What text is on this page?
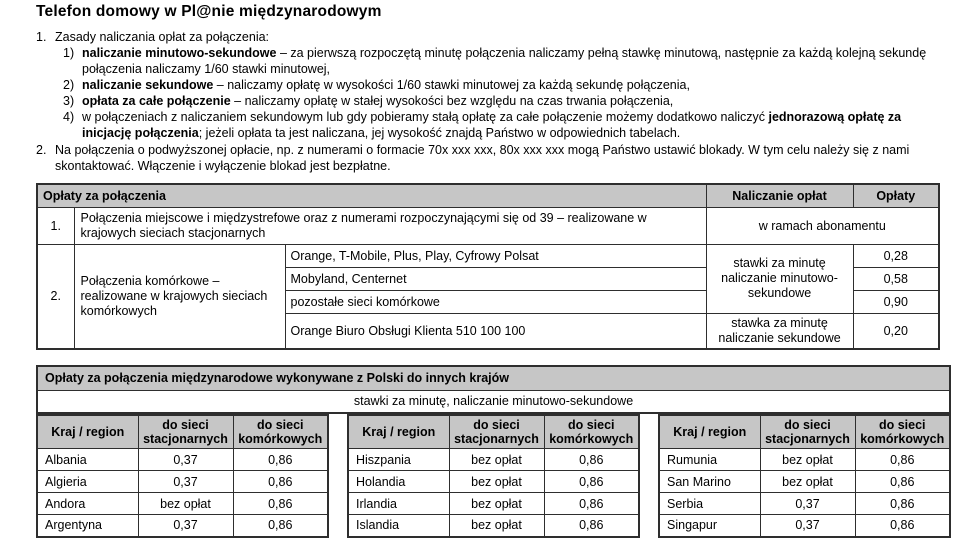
Telefon domowy w Pl@nie międzynarodowym
1. Zasady naliczania opłat za połączenia:
1) naliczanie minutowo-sekundowe – za pierwszą rozpoczętą minutę połączenia naliczamy pełną stawkę minutową, następnie za każdą kolejną sekundę połączenia naliczamy 1/60 stawki minutowej,
2) naliczanie sekundowe – naliczamy opłatę w wysokości 1/60 stawki minutowej za każdą sekundę połączenia,
3) opłata za całe połączenie – naliczamy opłatę w stałej wysokości bez względu na czas trwania połączenia,
4) w połączeniach z naliczaniem sekundowym lub gdy pobieramy stałą opłatę za całe połączenie możemy dodatkowo naliczyć jednorazową opłatę za inicjację połączenia; jeżeli opłata ta jest naliczana, jej wysokość znajdą Państwo w odpowiednich tabelach.
2. Na połączenia o podwyższonej opłacie, np. z numerami o formacie 70x xxx xxx, 80x xxx xxx mogą Państwo ustawić blokady. W tym celu należy się z nami skontaktować. Włączenie i wyłączenie blokad jest bezpłatne.
Opłaty za połączenia			Naliczanie opłat	Opłaty
1.	Połączenia miejscowe i międzystrefowe oraz z numerami rozpoczynającymi się od 39 – realizowane w krajowych sieciach stacjonarnych		w ramach abonamentu	
2.	Połączenia komórkowe – realizowane w krajowych sieciach komórkowych	Orange, T-Mobile, Plus, Play, Cyfrowy Polsat	stawki za minutę naliczanie minutowo-sekundowe	0,28
		Mobyland, Centernet		0,58
		pozostałe sieci komórkowe		0,90
		Orange Biuro Obsługi Klienta 510 100 100	stawka za minutę naliczanie sekundowe	0,20
Opłaty za połączenia międzynarodowe wykonywane z Polski do innych krajów
stawki za minutę, naliczanie minutowo-sekundowe
Kraj / region	do sieci stacjonarnych	do sieci komórkowych
Albania	0,37	0,86
Algieria	0,37	0,86
Andora	bez opłat	0,86
Argentyna	0,37	0,86
Kraj / region	do sieci stacjonarnych	do sieci komórkowych
Hiszpania	bez opłat	0,86
Holandia	bez opłat	0,86
Irlandia	bez opłat	0,86
Islandia	bez opłat	0,86
Kraj / region	do sieci stacjonarnych	do sieci komórkowych
Rumunia	bez opłat	0,86
San Marino	bez opłat	0,86
Serbia	0,37	0,86
Singapur	0,37	0,86
